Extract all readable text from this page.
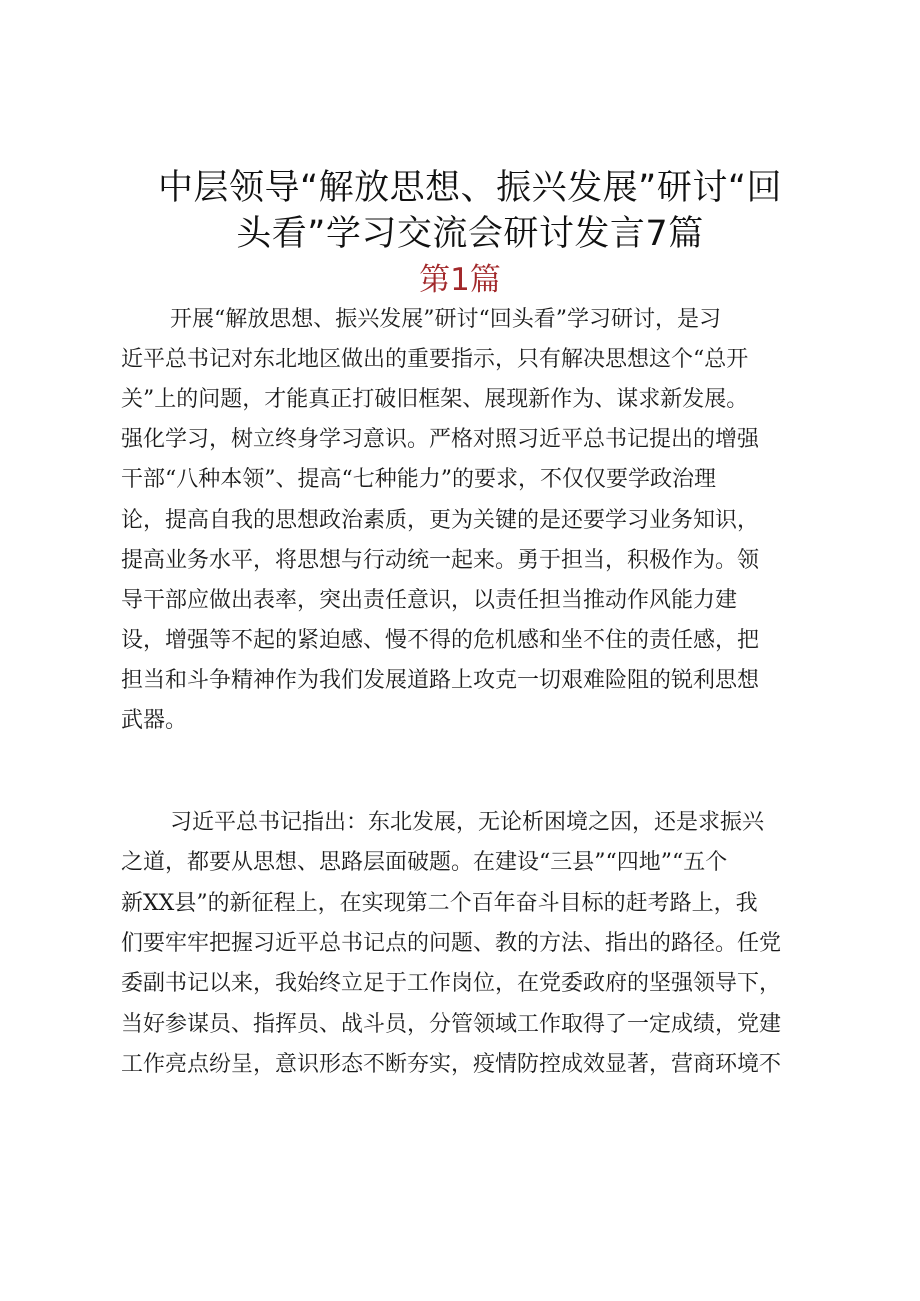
中层领导“解放思想、振兴发展”研讨“回
头看”学习交流会研讨发言7篇
第1篇

开展“解放思想、振兴发展”研讨“回头看”学习研讨，是习

近平总书记对东北地区做出的重要指示，只有解决思想这个“总开

关”上的问题，才能真正打破旧框架、展现新作为、谋求新发展。

强化学习，树立终身学习意识。严格对照习近平总书记提出的增强

干部“八种本领”、提高“七种能力”的要求，不仅仅要学政治理

论，提高自我的思想政治素质，更为关键的是还要学习业务知识，

提高业务水平，将思想与行动统一起来。勇于担当，积极作为。领

导干部应做出表率，突出责任意识，以责任担当推动作风能力建

设，增强等不起的紧迫感、慢不得的危机感和坐不住的责任感，把

担当和斗争精神作为我们发展道路上攻克一切艰难险阻的锐利思想

武器。

习近平总书记指出：东北发展，无论析困境之因，还是求振兴

之道，都要从思想、思路层面破题。在建设“三县”“四地”“五个

新XX县”的新征程上，在实现第二个百年奋斗目标的赶考路上，我

们要牢牢把握习近平总书记点的问题、教的方法、指出的路径。任党

委副书记以来，我始终立足于工作岗位，在党委政府的坚强领导下，

当好参谋员、指挥员、战斗员，分管领域工作取得了一定成绩，党建

工作亮点纷呈，意识形态不断夯实，疫情防控成效显著，营商环境不
